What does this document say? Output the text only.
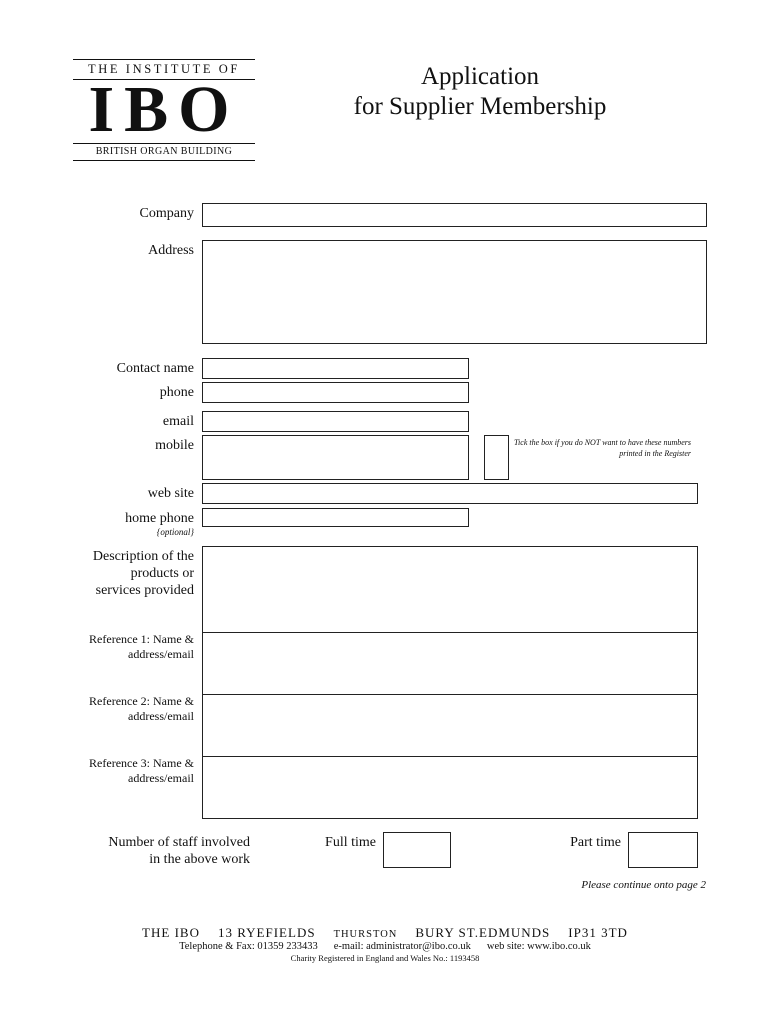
THE INSTITUTE OF
IBO
BRITISH ORGAN BUILDING
Application
for Supplier Membership
Company
Address
Contact name
phone
email
mobile	Tick the box if you do NOT want to have these numbers printed in the Register
web site
home phone
{optional}
Description of the
products or
services provided
Reference 1: Name &
address/email
Reference 2: Name &
address/email
Reference 3: Name &
address/email
Number of staff involved
in the above work
Full time	Part time
Please continue onto page 2
THE IBO 13 RYEFIELDS THURSTON BURY ST.EDMUNDS IP31 3TD
Telephone & Fax: 01359 233433 e-mail: administrator@ibo.co.uk web site: www.ibo.co.uk
Charity Registered in England and Wales No.: 1193458
